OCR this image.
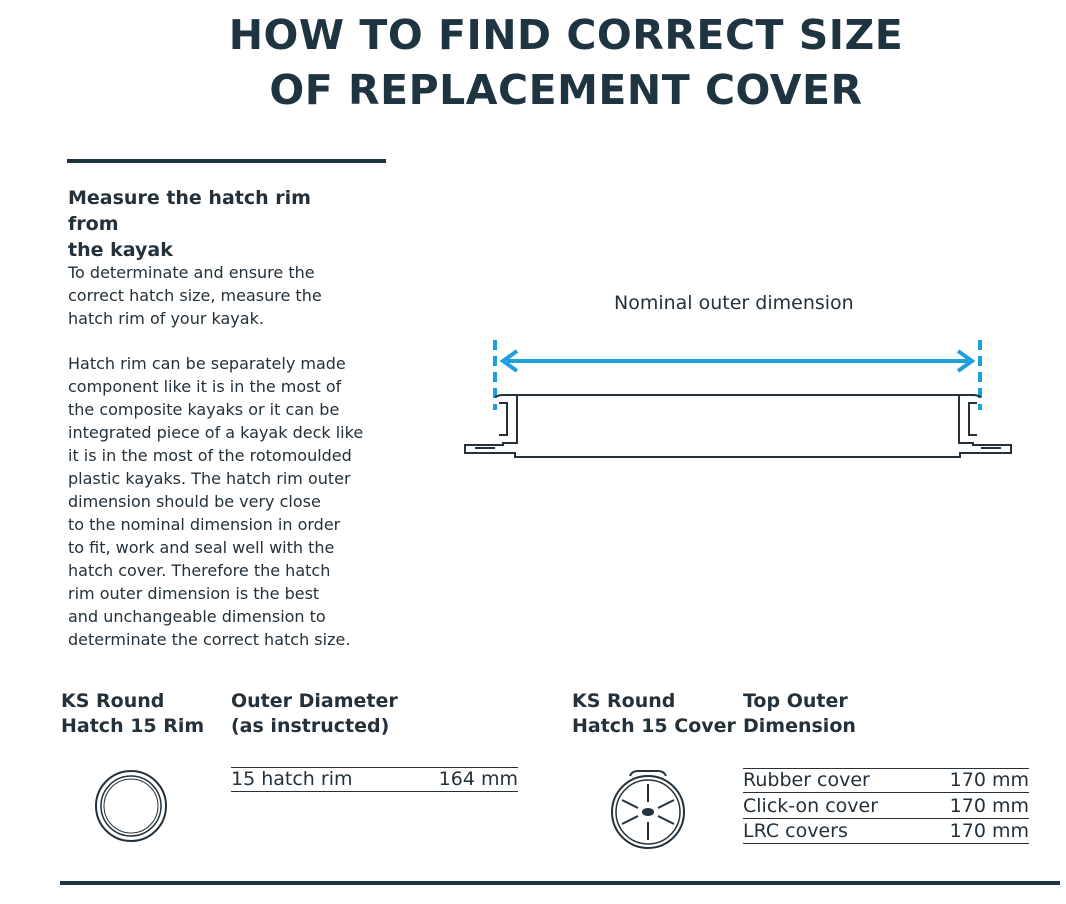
HOW TO FIND CORRECT SIZE
OF REPLACEMENT COVER
Measure the hatch rim from
the kayak
To determinate and ensure the
correct hatch size, measure the
hatch rim of your kayak.
Hatch rim can be separately made
component like it is in the most of
the composite kayaks or it can be
integrated piece of a kayak deck like
it is in the most of the rotomoulded
plastic kayaks. The hatch rim outer
dimension should be very close
to the nominal dimension in order
to fit, work and seal well with the
hatch cover. Therefore the hatch
rim outer dimension is the best
and unchangeable dimension to
determinate the correct hatch size.
Nominal outer dimension
KS Round
Hatch 15 Rim
Outer Diameter
(as instructed)
15 hatch rim	164 mm
KS Round
Hatch 15 Cover
Top Outer
Dimension
Rubber cover	170 mm
Click-on cover	170 mm
LRC covers	170 mm
